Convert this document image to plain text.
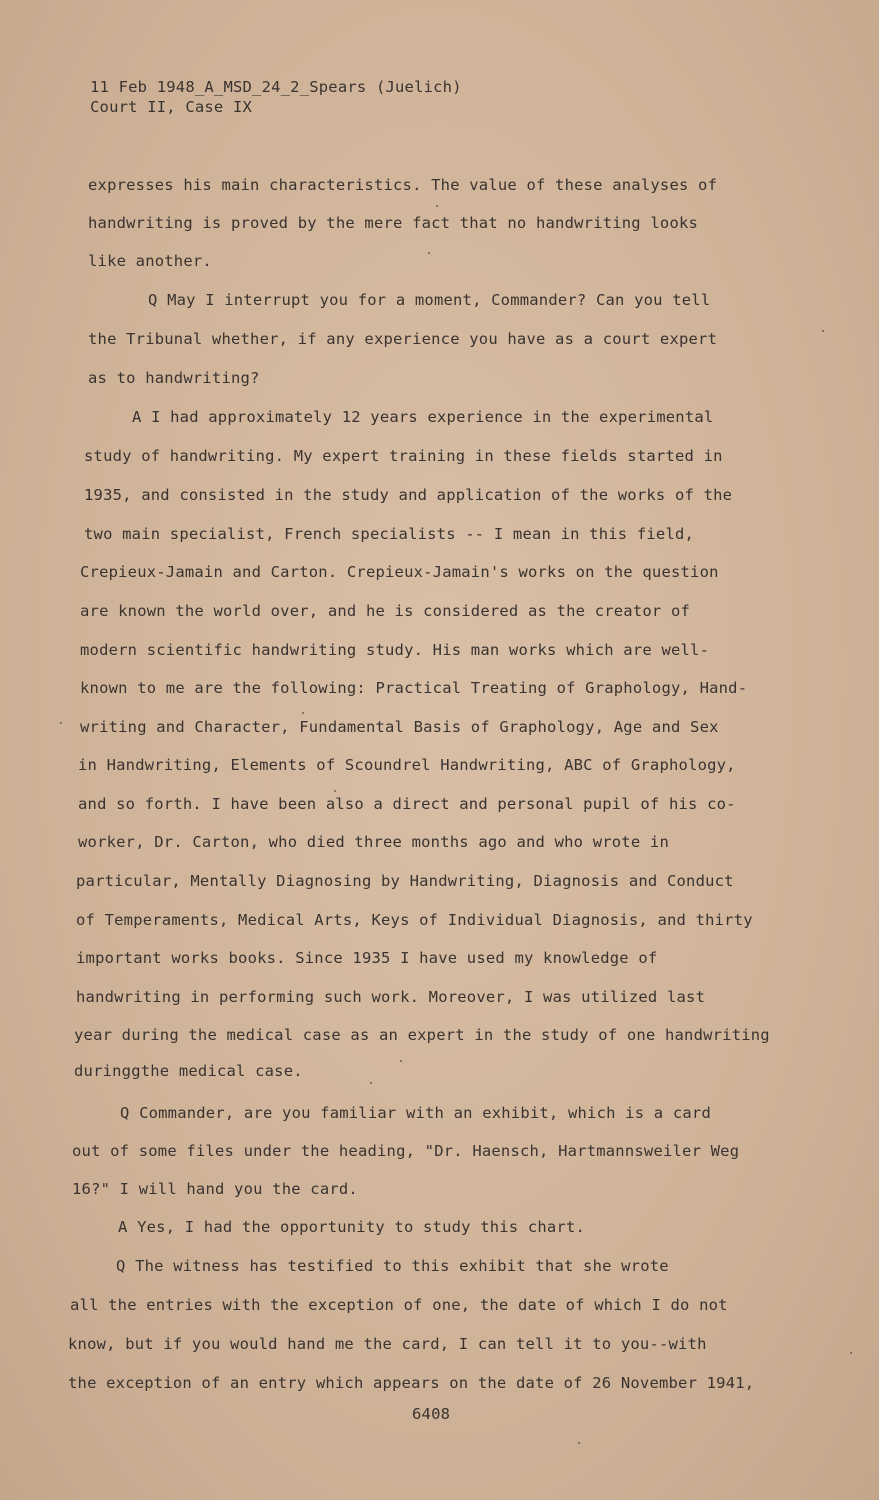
11 Feb 1948_A_MSD_24_2_Spears (Juelich)
Court II, Case IX
expresses his main characteristics. The value of these analyses of
handwriting is proved by the mere fact that no handwriting looks
like another.
Q May I interrupt you for a moment, Commander? Can you tell
the Tribunal whether, if any experience you have as a court expert
as to handwriting?
A I had approximately 12 years experience in the experimental
study of handwriting. My expert training in these fields started in
1935, and consisted in the study and application of the works of the
two main specialist, French specialists -- I mean in this field,
Crepieux-Jamain and Carton. Crepieux-Jamain's works on the question
are known the world over, and he is considered as the creator of
modern scientific handwriting study. His man works which are well-
known to me are the following: Practical Treating of Graphology, Hand-
writing and Character, Fundamental Basis of Graphology, Age and Sex
in Handwriting, Elements of Scoundrel Handwriting, ABC of Graphology,
and so forth. I have been also a direct and personal pupil of his co-
worker, Dr. Carton, who died three months ago and who wrote in
particular, Mentally Diagnosing by Handwriting, Diagnosis and Conduct
of Temperaments, Medical Arts, Keys of Individual Diagnosis, and thirty
important works books. Since 1935 I have used my knowledge of
handwriting in performing such work. Moreover, I was utilized last
year during the medical case as an expert in the study of one handwriting
duringgthe medical case.
Q Commander, are you familiar with an exhibit, which is a card
out of some files under the heading, "Dr. Haensch, Hartmannsweiler Weg
16?" I will hand you the card.
A Yes, I had the opportunity to study this chart.
Q The witness has testified to this exhibit that she wrote
all the entries with the exception of one, the date of which I do not
know, but if you would hand me the card, I can tell it to you--with
the exception of an entry which appears on the date of 26 November 1941,
6408
